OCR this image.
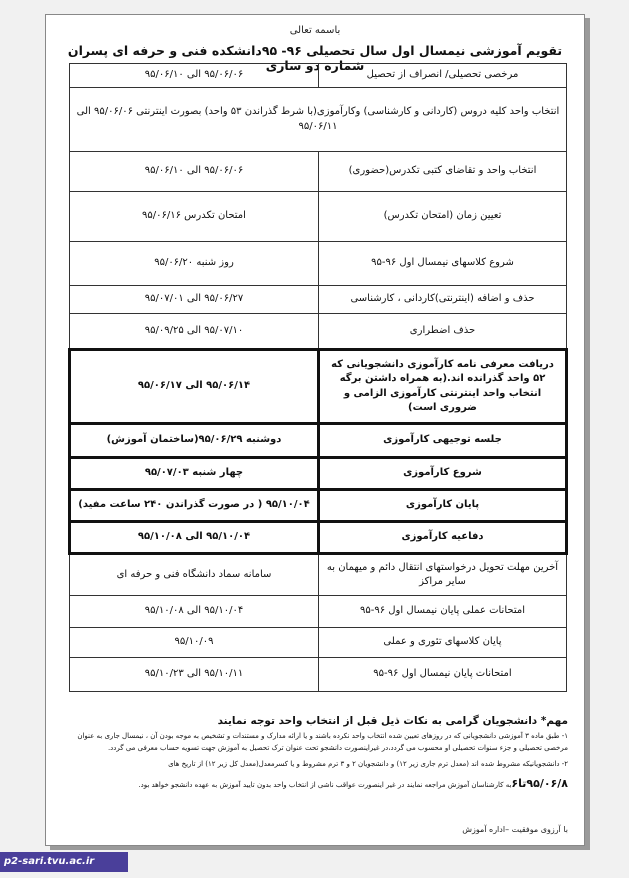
باسمه تعالی
تقویم آموزشی نیمسال اول سال تحصیلی ۹۶- ۹۵دانشکده فنی و حرفه ای پسران شماره دو ساری
مرخصی تحصیلی/ انصراف از تحصیل	۹۵/۰۶/۰۶ الی ۹۵/۰۶/۱۰
انتخاب واحد کلیه دروس (کاردانی و کارشناسی) وکارآموزی(با شرط گذراندن ۵۳ واحد) بصورت اینترنتی ۹۵/۰۶/۰۶ الی ۹۵/۰۶/۱۱	
انتخاب واحد و تقاضای کتبی تکدرس(حضوری)	۹۵/۰۶/۰۶ الی ۹۵/۰۶/۱۰
تعیین زمان (امتحان تکدرس)	امتحان تکدرس ۹۵/۰۶/۱۶
شروع کلاسهای نیمسال اول ۹۶-۹۵	روز شنبه ۹۵/۰۶/۲۰
حذف و اضافه (اینترنتی)کاردانی ، کارشناسی	۹۵/۰۶/۲۷ الی ۹۵/۰۷/۰۱
حذف اضطراری	۹۵/۰۷/۱۰ الی ۹۵/۰۹/۲۵
دریافت معرفی نامه کارآموزی دانشجویانی که ۵۲ واحد گذرانده اند.(به همراه داشتن برگه انتخاب واحد اینترنتی کارآموزی الزامی و ضروری است)	۹۵/۰۶/۱۴ الی ۹۵/۰۶/۱۷
جلسه توجیهی کارآموزی	دوشنبه ۹۵/۰۶/۲۹(ساختمان آموزش)
شروع کارآموزی	چهار شنبه ۹۵/۰۷/۰۳
پایان کارآموزی	۹۵/۱۰/۰۴ ( در صورت گذراندن ۲۴۰ ساعت مفید)
دفاعیه کارآموزی	۹۵/۱۰/۰۴ الی ۹۵/۱۰/۰۸
آخرین مهلت تحویل درخواستهای انتقال دائم و میهمان به سایر مراکز	سامانه سماد دانشگاه فنی و حرفه ای
امتحانات عملی پایان نیمسال اول ۹۶-۹۵	۹۵/۱۰/۰۴ الی ۹۵/۱۰/۰۸
پایان کلاسهای تئوری و عملی	۹۵/۱۰/۰۹
امتحانات پایان نیمسال اول ۹۶-۹۵	۹۵/۱۰/۱۱ الی ۹۵/۱۰/۲۳
مهم* دانشجویان گرامی به نکات ذیل قبل از انتخاب واحد توجه نمایند

۱- طبق ماده ۳ آموزشی دانشجویانی که در روزهای تعیین شده انتخاب واحد نکرده باشند و یا ارائه مدارک و مستندات و تشخیص به موجه بودن آن ، نیمسال جاری به عنوان مرخصی تحصیلی و جزء سنوات تحصیلی او محسوب می گردد،در غیراینصورت دانشجو تحت عنوان ترک تحصیل به آموزش جهت تسویه حساب معرفی می گردد.

۲- دانشجویانیکه مشروط شده اند (معدل ترم جاری زیر ۱۲) و دانشجویان ۲ و ۳ ترم مشروط و یا کسرمعدل(معدل کل زیر ۱۲) از تاریخ های

۹۵/۰۶/۸تا۶به کارشناسان آموزش مراجعه نمایند در غیر اینصورت عواقب ناشی از انتخاب واحد بدون تایید آموزش به عهده دانشجو خواهد بود.

با آرزوی موفقیت –اداره آموزش
p2-sari.tvu.ac.ir
